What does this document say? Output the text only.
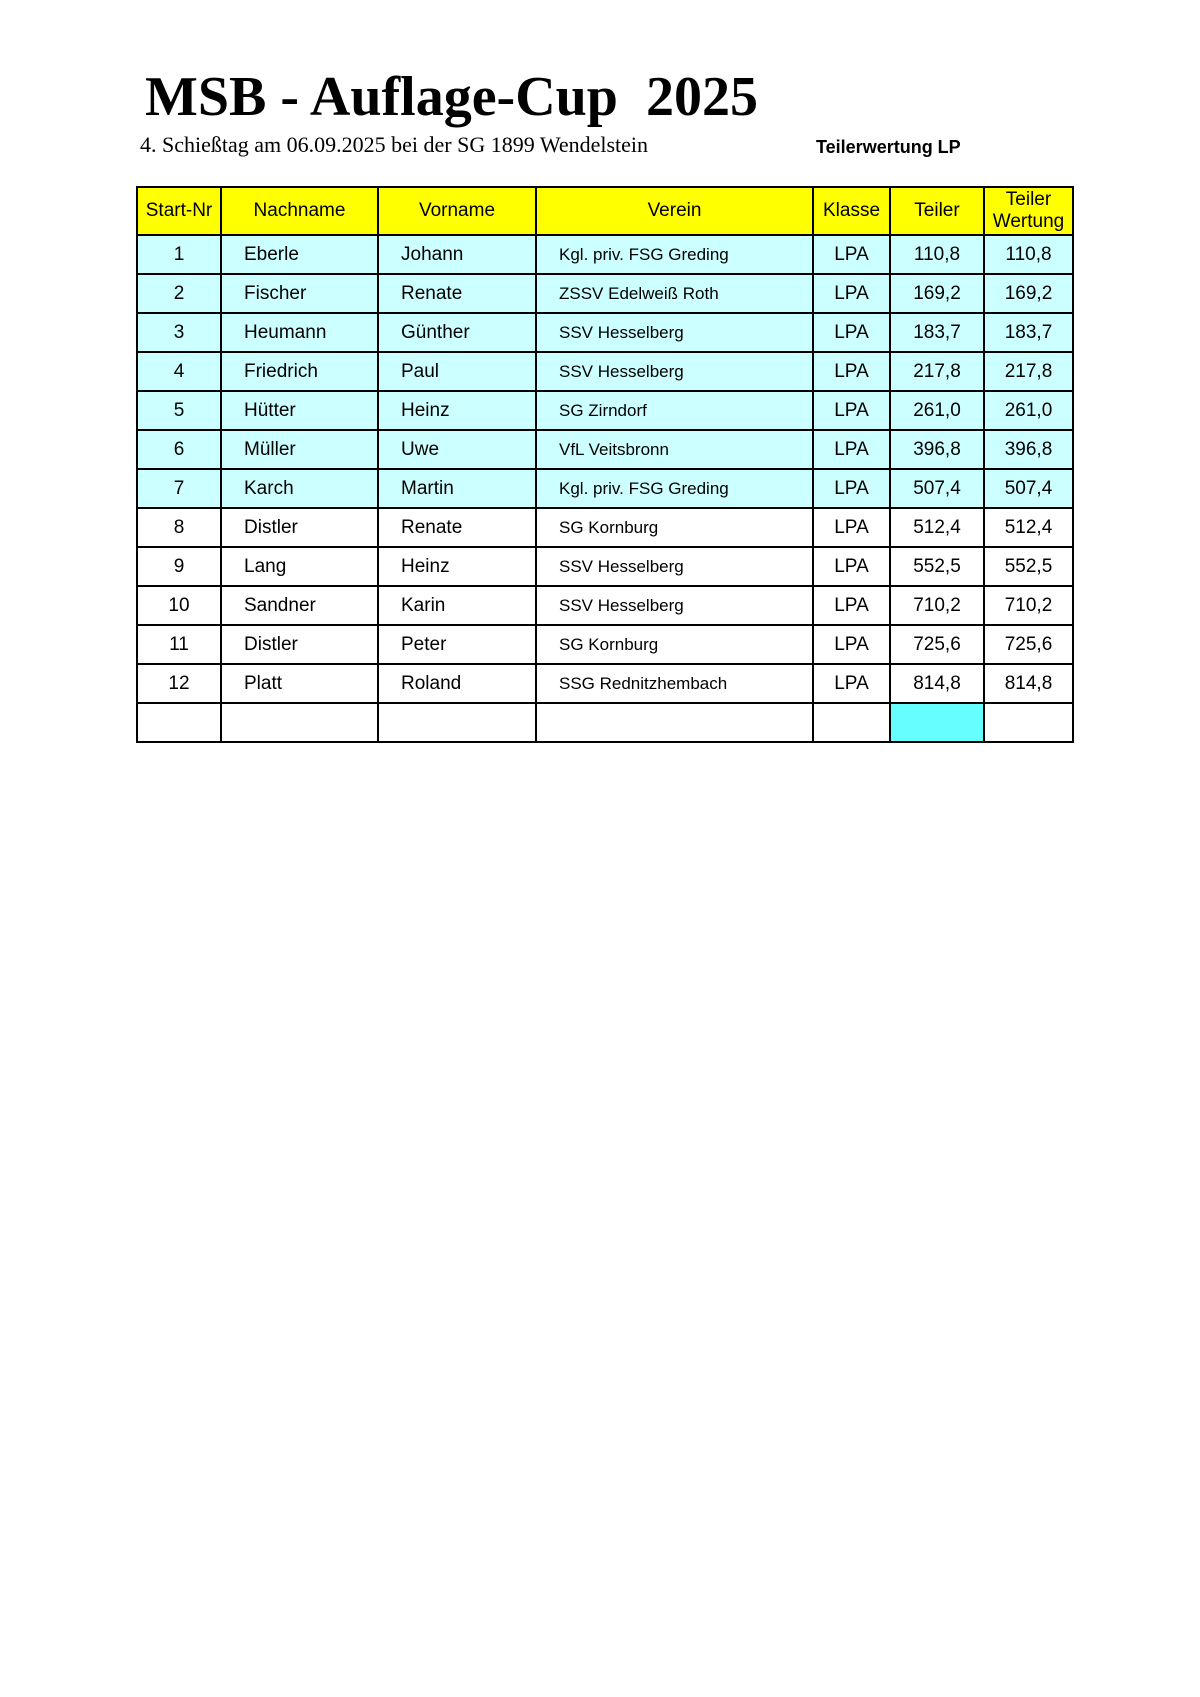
MSB - Auflage-Cup  2025
4. Schießtag am 06.09.2025 bei der SG 1899 Wendelstein	Teilerwertung LP
Start-Nr	Nachname	Vorname	Verein	Klasse	Teiler	Teiler
Wertung

1	Eberle	Johann	Kgl. priv. FSG Greding	LPA	110,8	110,8
2	Fischer	Renate	ZSSV Edelweiß Roth	LPA	169,2	169,2
3	Heumann	Günther	SSV Hesselberg	LPA	183,7	183,7
4	Friedrich	Paul	SSV Hesselberg	LPA	217,8	217,8
5	Hütter	Heinz	SG Zirndorf	LPA	261,0	261,0
6	Müller	Uwe	VfL Veitsbronn	LPA	396,8	396,8
7	Karch	Martin	Kgl. priv. FSG Greding	LPA	507,4	507,4
8	Distler	Renate	SG Kornburg	LPA	512,4	512,4
9	Lang	Heinz	SSV Hesselberg	LPA	552,5	552,5
10	Sandner	Karin	SSV Hesselberg	LPA	710,2	710,2
11	Distler	Peter	SG Kornburg	LPA	725,6	725,6
12	Platt	Roland	SSG Rednitzhembach	LPA	814,8	814,8
